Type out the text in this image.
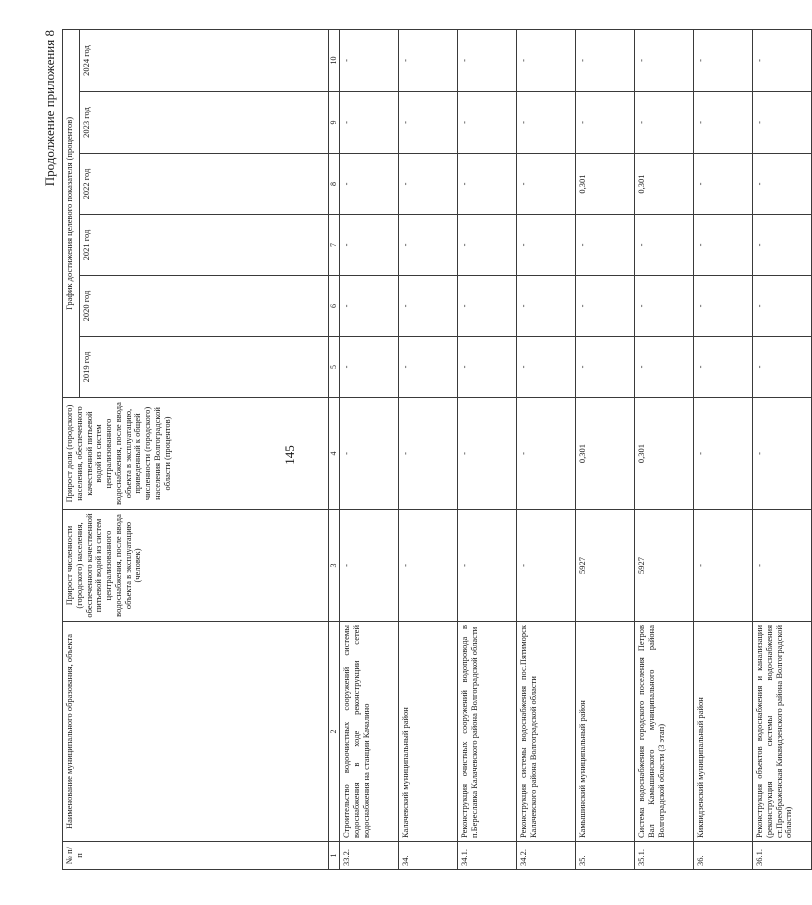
145
Продолжение приложения 8
№ п/п	Наименование муниципального образования, объекта	Прирост численности (городского) населения, обеспеченного качественной питьевой водой из систем централизованного водоснабжения, после ввода объекта в эксплуатацию (человек)	Прирост доли (городского) населения, обеспеченного качественной питьевой водой из систем централизованного водоснабжения, после ввода объекта в эксплуатацию, приведенный к общей численности (городского) населения Волгоградской области (процентов)	График достижения целевого показателя (процентов)					
				2019 год	2020 год	2021 год	2022 год	2023 год	2024 год
1	2	3	4	5	6	7	8	9	10
33.2.	Строительство водоочистных сооружений системы водоснабжения в ходе реконструкции сетей водоснабжения на станции Качалино	-	-	-	-	-	-	-	-
34.	Калачевский муниципальный район	-	-	-	-	-	-	-	-
34.1.	Реконструкция очистных сооружений водопровода в п.Береславка Калачевского района Волгоградской области	-	-	-	-	-	-	-	-
34.2.	Реконструкция системы водоснабжения пос.Пятиморск Калачевского района Волгоградской области	-	-	-	-	-	-	-	-
35.	Камышинский муниципальный район	5927	0,301	-	-	-	0,301	-	-
35.1.	Система водоснабжения городского поселения Петров Вал Камышинского муниципального района Волгоградской области (3 этап)	5927	0,301	-	-	-	0,301	-	-
36.	Киквидзенский муниципальный район	-	-	-	-	-	-	-	-
36.1.	Реконструкция объектов водоснабжения и канализации (реконструкция системы водоснабжения ст.Преображенская Киквидзенского района Волгоградской области)	-	-	-	-	-	-	-	-
